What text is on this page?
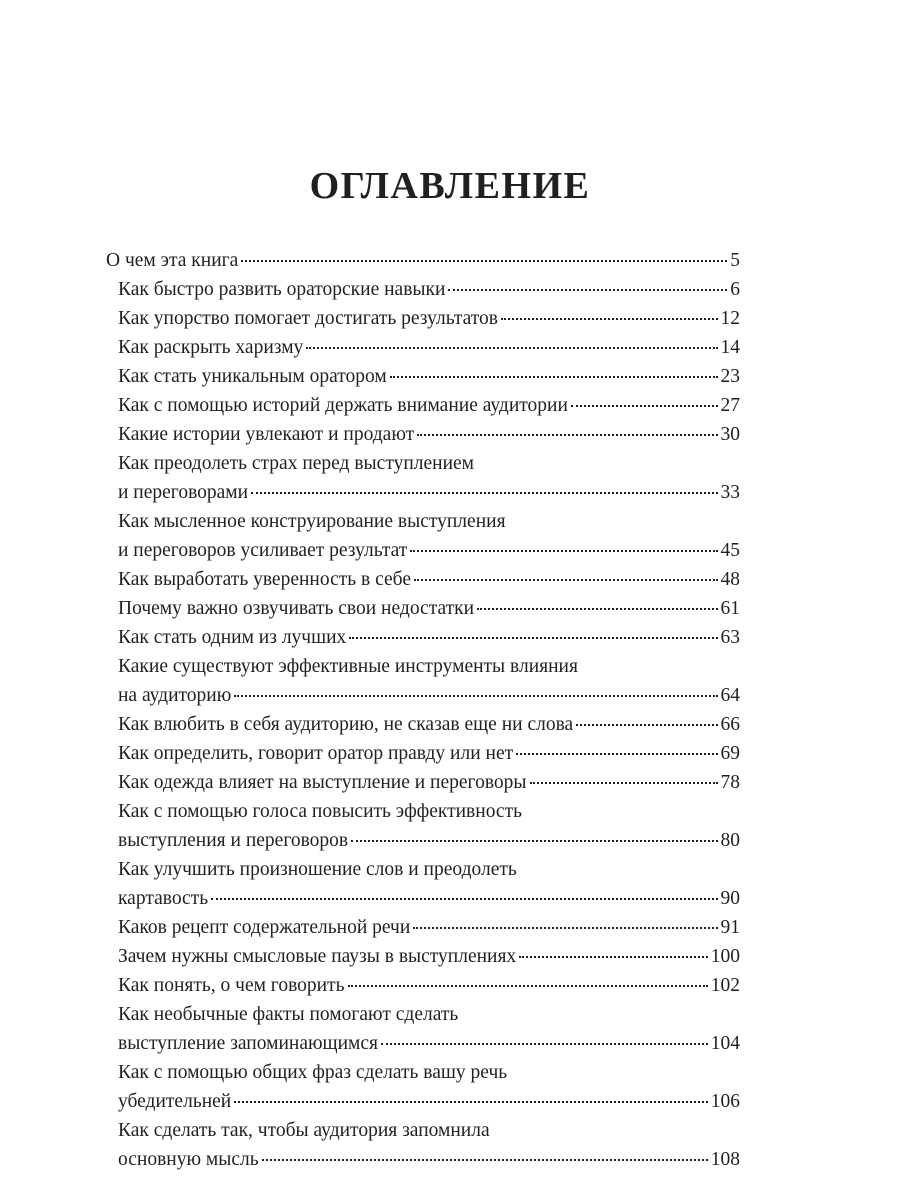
ОГЛАВЛЕНИЕ
О чем эта книга	5
Как быстро развить ораторские навыки	6
Как упорство помогает достигать результатов	12
Как раскрыть харизму	14
Как стать уникальным оратором	23
Как с помощью историй держать внимание аудитории	27
Какие истории увлекают и продают	30
Как преодолеть страх перед выступлением
и переговорами	33
Как мысленное конструирование выступления
и переговоров усиливает результат	45
Как выработать уверенность в себе	48
Почему важно озвучивать свои недостатки	61
Как стать одним из лучших	63
Какие существуют эффективные инструменты влияния
на аудиторию	64
Как влюбить в себя аудиторию, не сказав еще ни слова	66
Как определить, говорит оратор правду или нет	69
Как одежда влияет на выступление и переговоры	78
Как с помощью голоса повысить эффективность
выступления и переговоров	80
Как улучшить произношение слов и преодолеть
картавость	90
Каков рецепт содержательной речи	91
Зачем нужны смысловые паузы в выступлениях	100
Как понять, о чем говорить	102
Как необычные факты помогают сделать
выступление запоминающимся	104
Как с помощью общих фраз сделать вашу речь
убедительней	106
Как сделать так, чтобы аудитория запомнила
основную мысль	108
